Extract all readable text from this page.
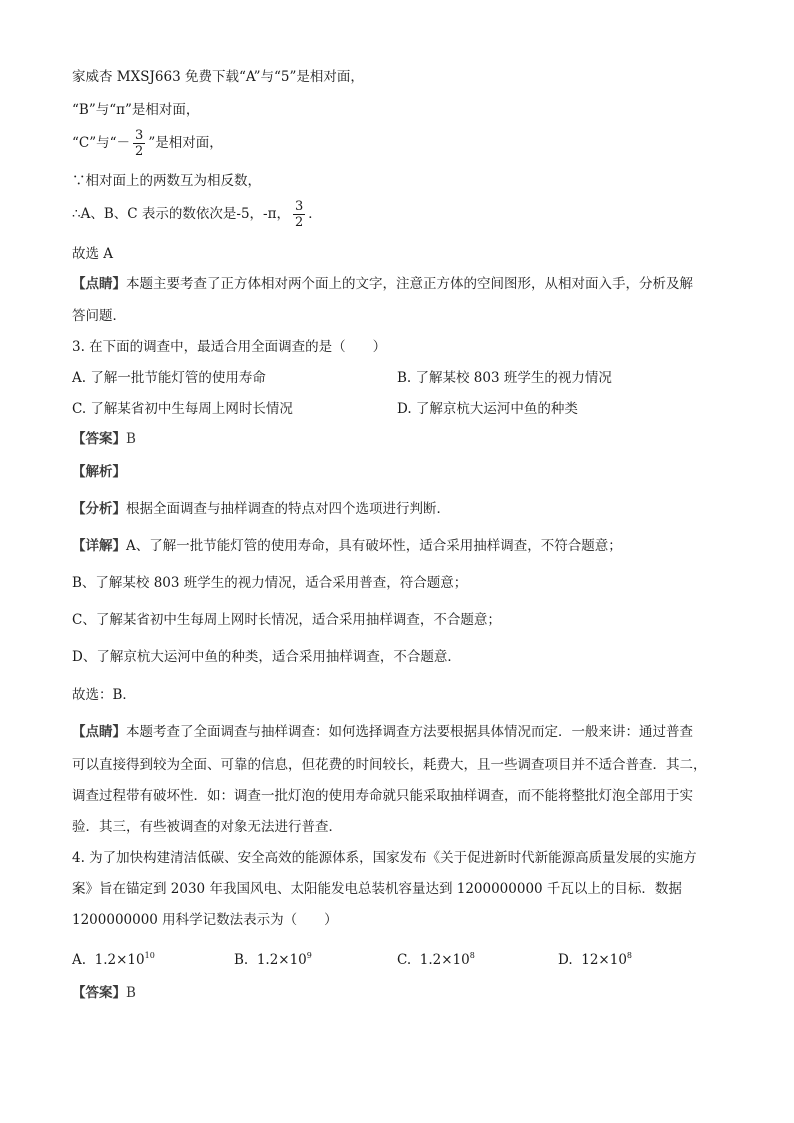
家威杏 MXSJ663 免费下载“A”与“5”是相对面，
“B”与“π”是相对面，
“C”与“－ $\frac{3}{2}$ ”是相对面，
∵相对面上的两数互为相反数，
∴A、B、C 表示的数依次是-5，-π， $\frac{3}{2}$ ．
故选 A
【点睛】本题主要考查了正方体相对两个面上的文字，注意正方体的空间图形，从相对面入手，分析及解
答问题．
3. 在下面的调查中，最适合用全面调查的是（　　）
A. 了解一批节能灯管的使用寿命	B. 了解某校 803 班学生的视力情况
C. 了解某省初中生每周上网时长情况	D. 了解京杭大运河中鱼的种类
【答案】B
【解析】
【分析】根据全面调查与抽样调查的特点对四个选项进行判断．
【详解】A、了解一批节能灯管的使用寿命，具有破坏性，适合采用抽样调查，不符合题意；
B、了解某校 803 班学生的视力情况，适合采用普查，符合题意；
C、了解某省初中生每周上网时长情况，适合采用抽样调查，不合题意；
D、了解京杭大运河中鱼的种类，适合采用抽样调查，不合题意．
故选：B．
【点睛】本题考查了全面调查与抽样调查：如何选择调查方法要根据具体情况而定．一般来讲：通过普查
可以直接得到较为全面、可靠的信息，但花费的时间较长，耗费大，且一些调查项目并不适合普查．其二，
调查过程带有破坏性．如：调查一批灯泡的使用寿命就只能采取抽样调查，而不能将整批灯泡全部用于实
验．其三，有些被调查的对象无法进行普查．
4. 为了加快构建清洁低碳、安全高效的能源体系，国家发布《关于促进新时代新能源高质量发展的实施方
案》旨在锚定到 2030 年我国风电、太阳能发电总装机容量达到 1200000000 千瓦以上的目标．数据
1200000000 用科学记数法表示为（　　）
A. $1.2\times 10^{10}$	B. $1.2\times 10^9$	C. $1.2\times 10^8$	D. $12\times 10^8$
【答案】B
